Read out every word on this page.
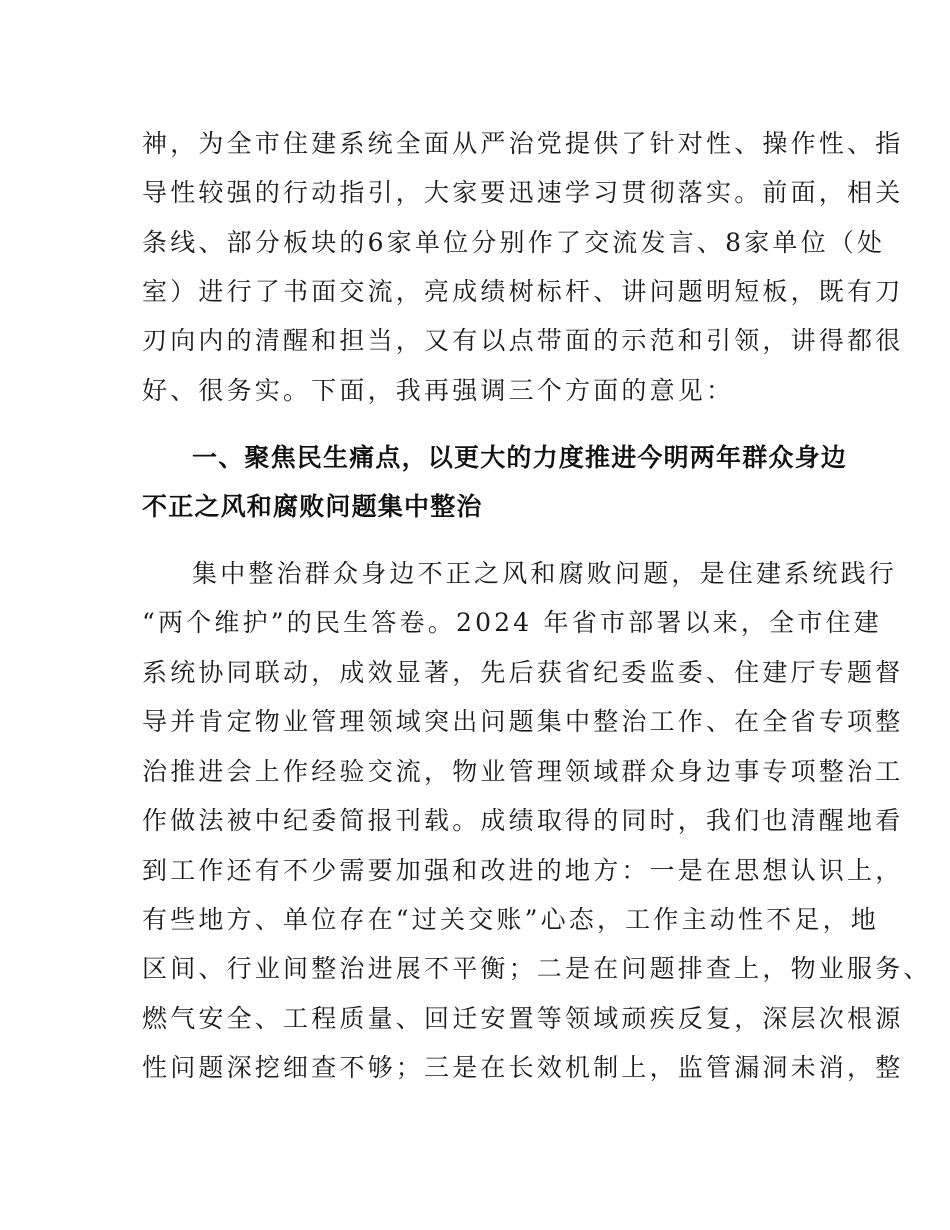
神，为全市住建系统全面从严治党提供了针对性、操作性、指
导性较强的行动指引，大家要迅速学习贯彻落实。前面，相关
条线、部分板块的6家单位分别作了交流发言、8家单位（处
室）进行了书面交流，亮成绩树标杆、讲问题明短板，既有刀
刃向内的清醒和担当，又有以点带面的示范和引领，讲得都很
好、很务实。下面，我再强调三个方面的意见：
一、聚焦民生痛点，以更大的力度推进今明两年群众身边
不正之风和腐败问题集中整治
集中整治群众身边不正之风和腐败问题，是住建系统践行
“两个维护”的民生答卷。2024 年省市部署以来，全市住建
系统协同联动，成效显著，先后获省纪委监委、住建厅专题督
导并肯定物业管理领域突出问题集中整治工作、在全省专项整
治推进会上作经验交流，物业管理领域群众身边事专项整治工
作做法被中纪委简报刊载。成绩取得的同时，我们也清醒地看
到工作还有不少需要加强和改进的地方：一是在思想认识上，
有些地方、单位存在“过关交账”心态，工作主动性不足，地
区间、行业间整治进展不平衡；二是在问题排查上，物业服务、
燃气安全、工程质量、回迁安置等领域顽疾反复，深层次根源
性问题深挖细查不够；三是在长效机制上，监管漏洞未消，整
